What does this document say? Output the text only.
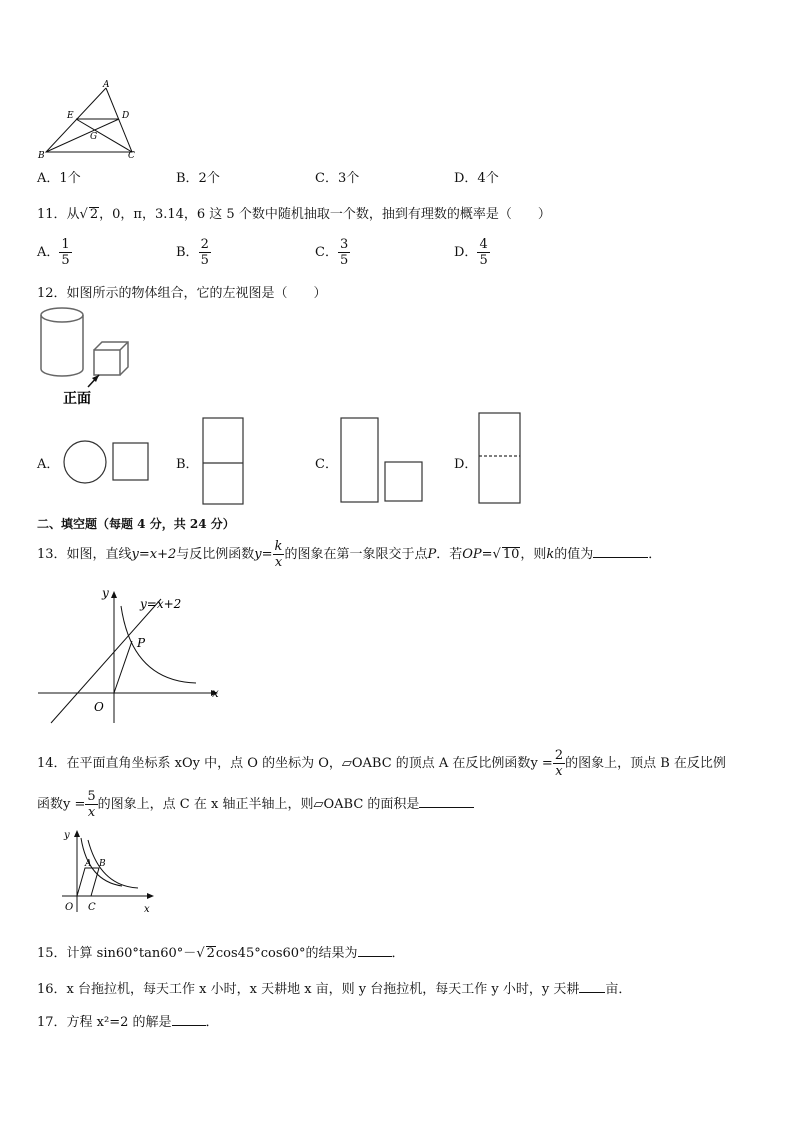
A
E	D
G
B	C
A．1个	B．2个	C．3个	D．4个
11．从√ 2，0，π，3.14，6 这 5 个数中随机抽取一个数，抽到有理数的概率是（　　）
A． $\frac{1}{5}$	B． $\frac{2}{5}$	C． $\frac{3}{5}$	D． $\frac{4}{5}$
12．如图所示的物体组合，它的左视图是（　　）
正面
A．	B．	C．	D．
二、填空题（每题 4 分，共 24 分）
13．如图，直线y=x+2与反比例函数$y= \frac{k}{x}$ 的图象在第一象限交于点P．若OP=√ 10，则k的值为	．
y
x
O
P
y=x+2
14．在平面直角坐标系 xOy 中，点 O 的坐标为 O，▱OABC 的顶点 A 在反比例函数$y = \frac{2}{x}$ 的图象上，顶点 B 在反比例
函数$y = \frac{5}{x}$ 的图象上，点 C 在 x 轴正半轴上，则▱OABC 的面积是
y
x
O C
A B
15．计算 sin60°tan60°－√ 2cos45°cos60°的结果为	．
16．x 台拖拉机，每天工作 x 小时，x 天耕地 x 亩，则 y 台拖拉机，每天工作 y 小时，y 天耕 亩．
17．方程 x²=2 的解是	．
